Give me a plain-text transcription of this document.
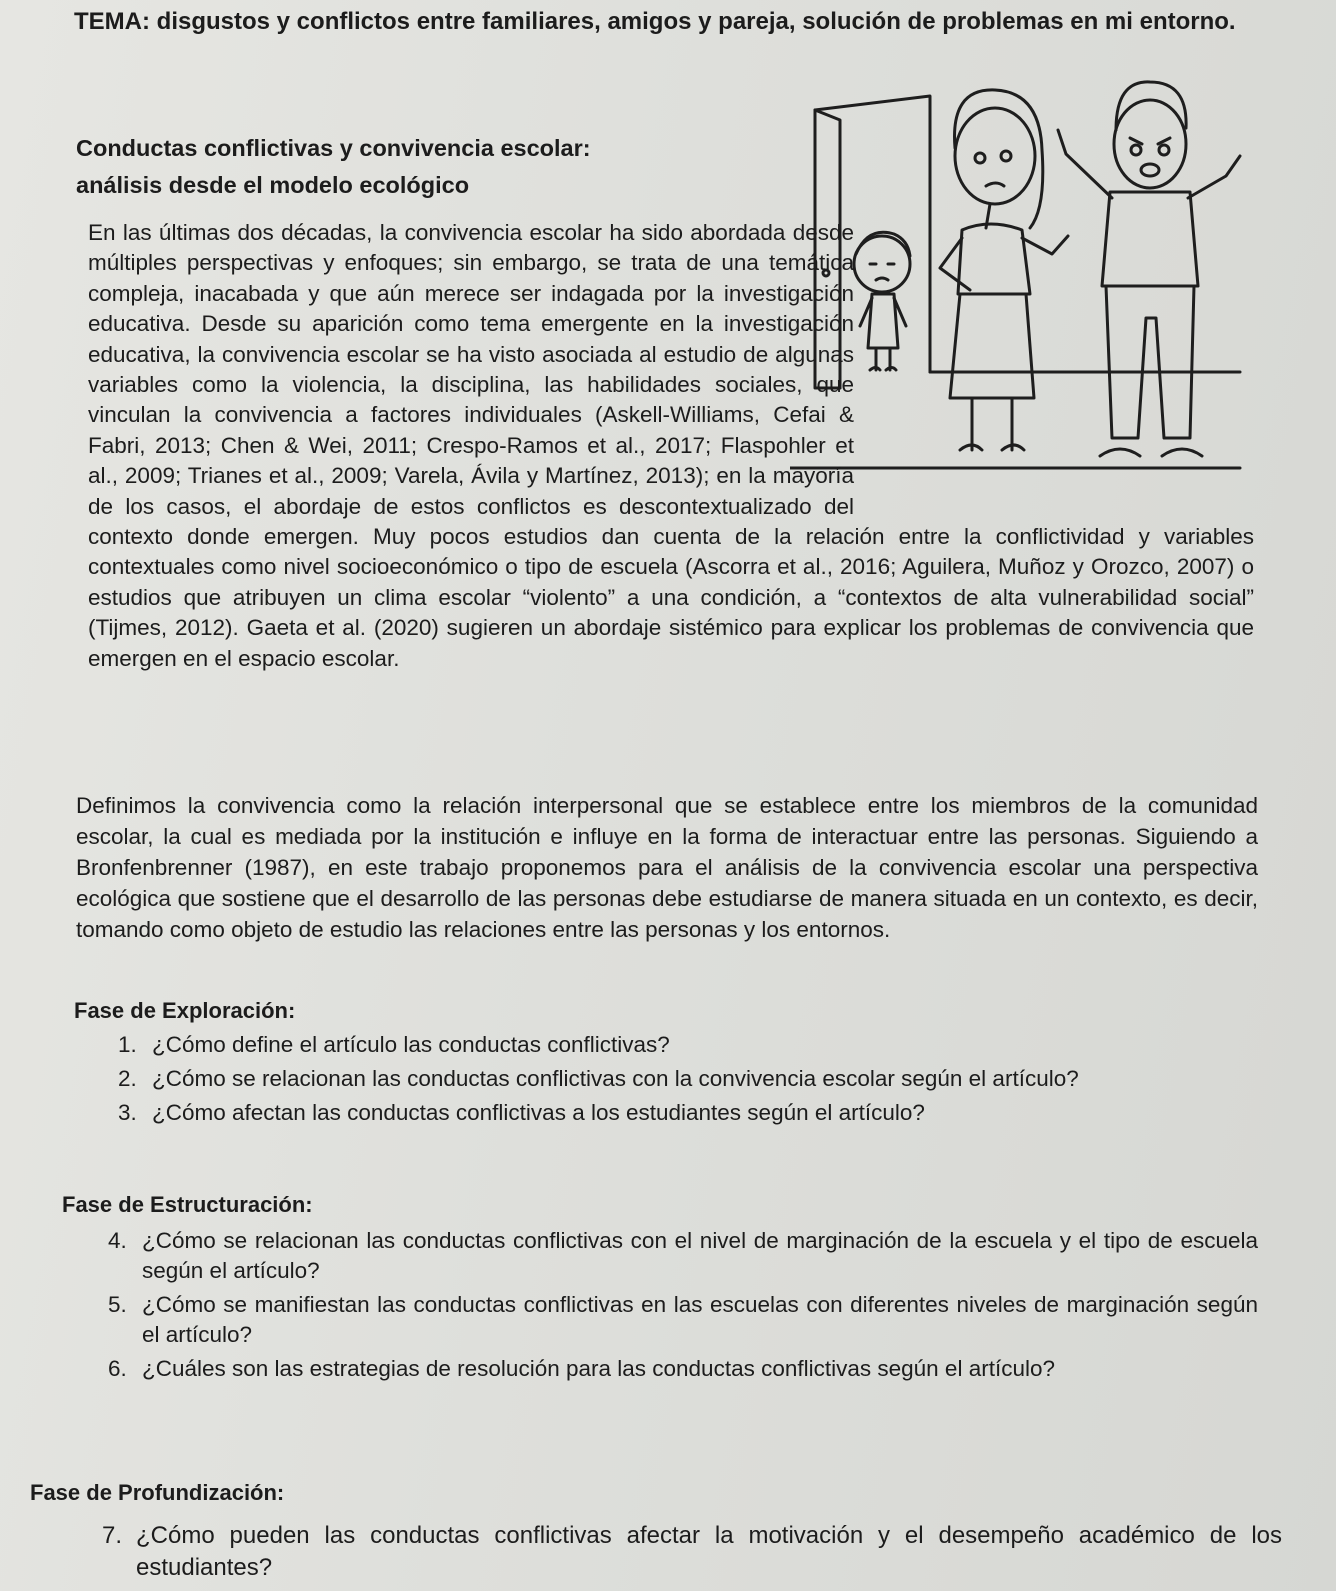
TEMA: disgustos y conflictos entre familiares, amigos y pareja, solución de problemas en mi entorno.
Conductas conflictivas y convivencia escolar:
análisis desde el modelo ecológico

En las últimas dos décadas, la convivencia escolar ha sido abordada desde múltiples perspectivas y enfoques; sin embargo, se trata de una temática compleja, inacabada y que aún merece ser indagada por la investigación educativa. Desde su aparición como tema emergente en la investigación educativa, la convivencia escolar se ha visto asociada al estudio de algunas variables como la violencia, la disciplina, las habilidades sociales, que vinculan la convivencia a factores individuales (Askell-Williams, Cefai & Fabri, 2013; Chen & Wei, 2011; Crespo-Ramos et al., 2017; Flaspohler et al., 2009; Trianes et al., 2009; Varela, Ávila y Martínez, 2013); en la mayoría de los casos, el abordaje de estos conflictos es descontextualizado del contexto donde emergen. Muy pocos estudios dan cuenta de la relación entre la conflictividad y variables contextuales como nivel socioeconómico o tipo de escuela (Ascorra et al., 2016; Aguilera, Muñoz y Orozco, 2007) o estudios que atribuyen un clima escolar “violento” a una condición, a “contextos de alta vulnerabilidad social” (Tijmes, 2012). Gaeta et al. (2020) sugieren un abordaje sistémico para explicar los problemas de convivencia que emergen en el espacio escolar.

Definimos la convivencia como la relación interpersonal que se establece entre los miembros de la comunidad escolar, la cual es mediada por la institución e influye en la forma de interactuar entre las personas. Siguiendo a Bronfenbrenner (1987), en este trabajo proponemos para el análisis de la convivencia escolar una perspectiva ecológica que sostiene que el desarrollo de las personas debe estudiarse de manera situada en un contexto, es decir, tomando como objeto de estudio las relaciones entre las personas y los entornos.

Fase de Exploración:
1. ¿Cómo define el artículo las conductas conflictivas?
2. ¿Cómo se relacionan las conductas conflictivas con la convivencia escolar según el artículo?
3. ¿Cómo afectan las conductas conflictivas a los estudiantes según el artículo?
Fase de Estructuración:
4. ¿Cómo se relacionan las conductas conflictivas con el nivel de marginación de la escuela y el tipo de escuela según el artículo?
5. ¿Cómo se manifiestan las conductas conflictivas en las escuelas con diferentes niveles de marginación según el artículo?
6. ¿Cuáles son las estrategias de resolución para las conductas conflictivas según el artículo?
Fase de Profundización:
7. ¿Cómo pueden las conductas conflictivas afectar la motivación y el desempeño académico de los estudiantes?
